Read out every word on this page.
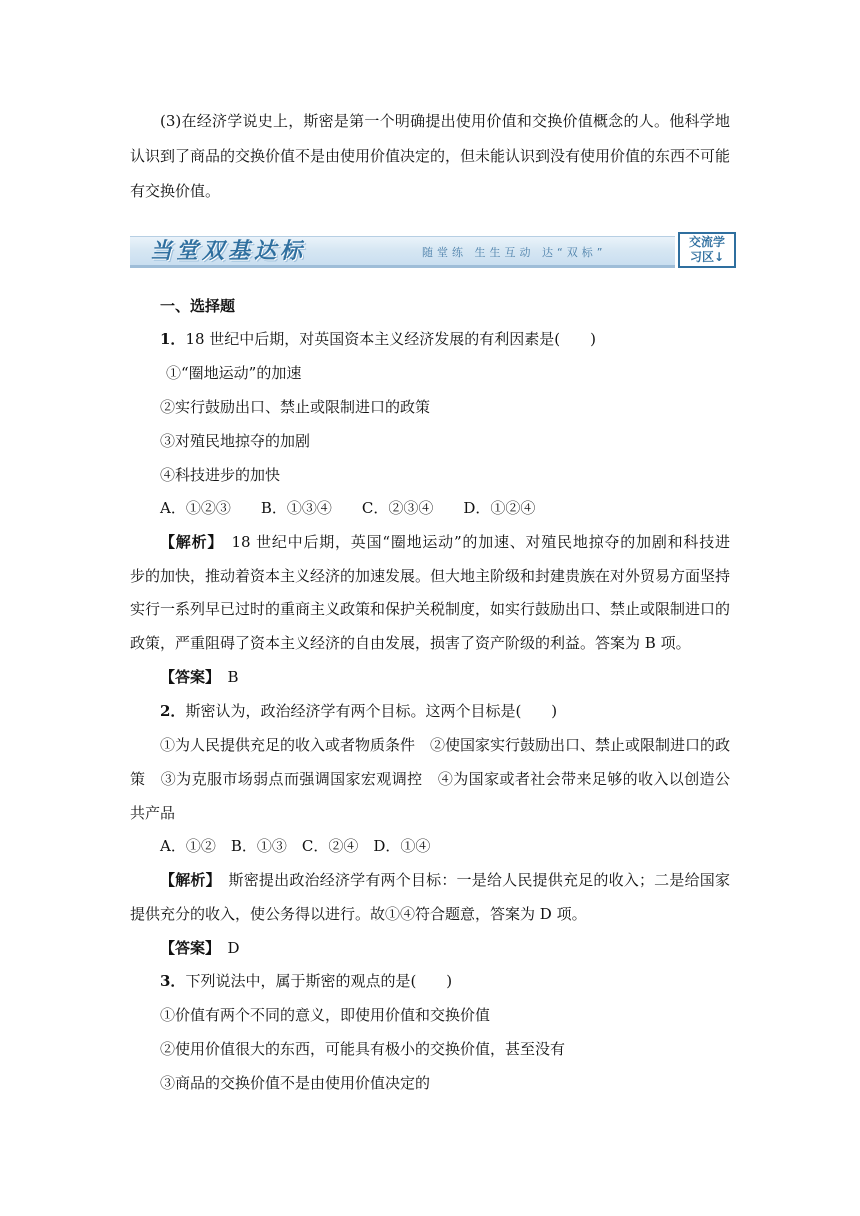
(3)在经济学说史上，斯密是第一个明确提出使用价值和交换价值概念的人。他科学地
认识到了商品的交换价值不是由使用价值决定的，但未能认识到没有使用价值的东西不可能
有交换价值。
当堂双基达标	随堂练 生生互动 达“双标”
交流学
习区↓
一、选择题
1．18 世纪中后期，对英国资本主义经济发展的有利因素是(　　)
①“圈地运动”的加速
②实行鼓励出口、禁止或限制进口的政策
③对殖民地掠夺的加剧
④科技进步的加快
A．①②③　　B．①③④　　C．②③④　　D．①②④
【解析】　18 世纪中后期，英国“圈地运动”的加速、对殖民地掠夺的加剧和科技进
步的加快，推动着资本主义经济的加速发展。但大地主阶级和封建贵族在对外贸易方面坚持
实行一系列早已过时的重商主义政策和保护关税制度，如实行鼓励出口、禁止或限制进口的
政策，严重阻碍了资本主义经济的自由发展，损害了资产阶级的利益。答案为 B 项。
【答案】　B
2．斯密认为，政治经济学有两个目标。这两个目标是(　　)
①为人民提供充足的收入或者物质条件　②使国家实行鼓励出口、禁止或限制进口的政
策　③为克服市场弱点而强调国家宏观调控　④为国家或者社会带来足够的收入以创造公
共产品
A．①②　B．①③　C．②④　D．①④
【解析】　斯密提出政治经济学有两个目标：一是给人民提供充足的收入；二是给国家
提供充分的收入，使公务得以进行。故①④符合题意，答案为 D 项。
【答案】　D
3．下列说法中，属于斯密的观点的是(　　)
①价值有两个不同的意义，即使用价值和交换价值
②使用价值很大的东西，可能具有极小的交换价值，甚至没有
③商品的交换价值不是由使用价值决定的
